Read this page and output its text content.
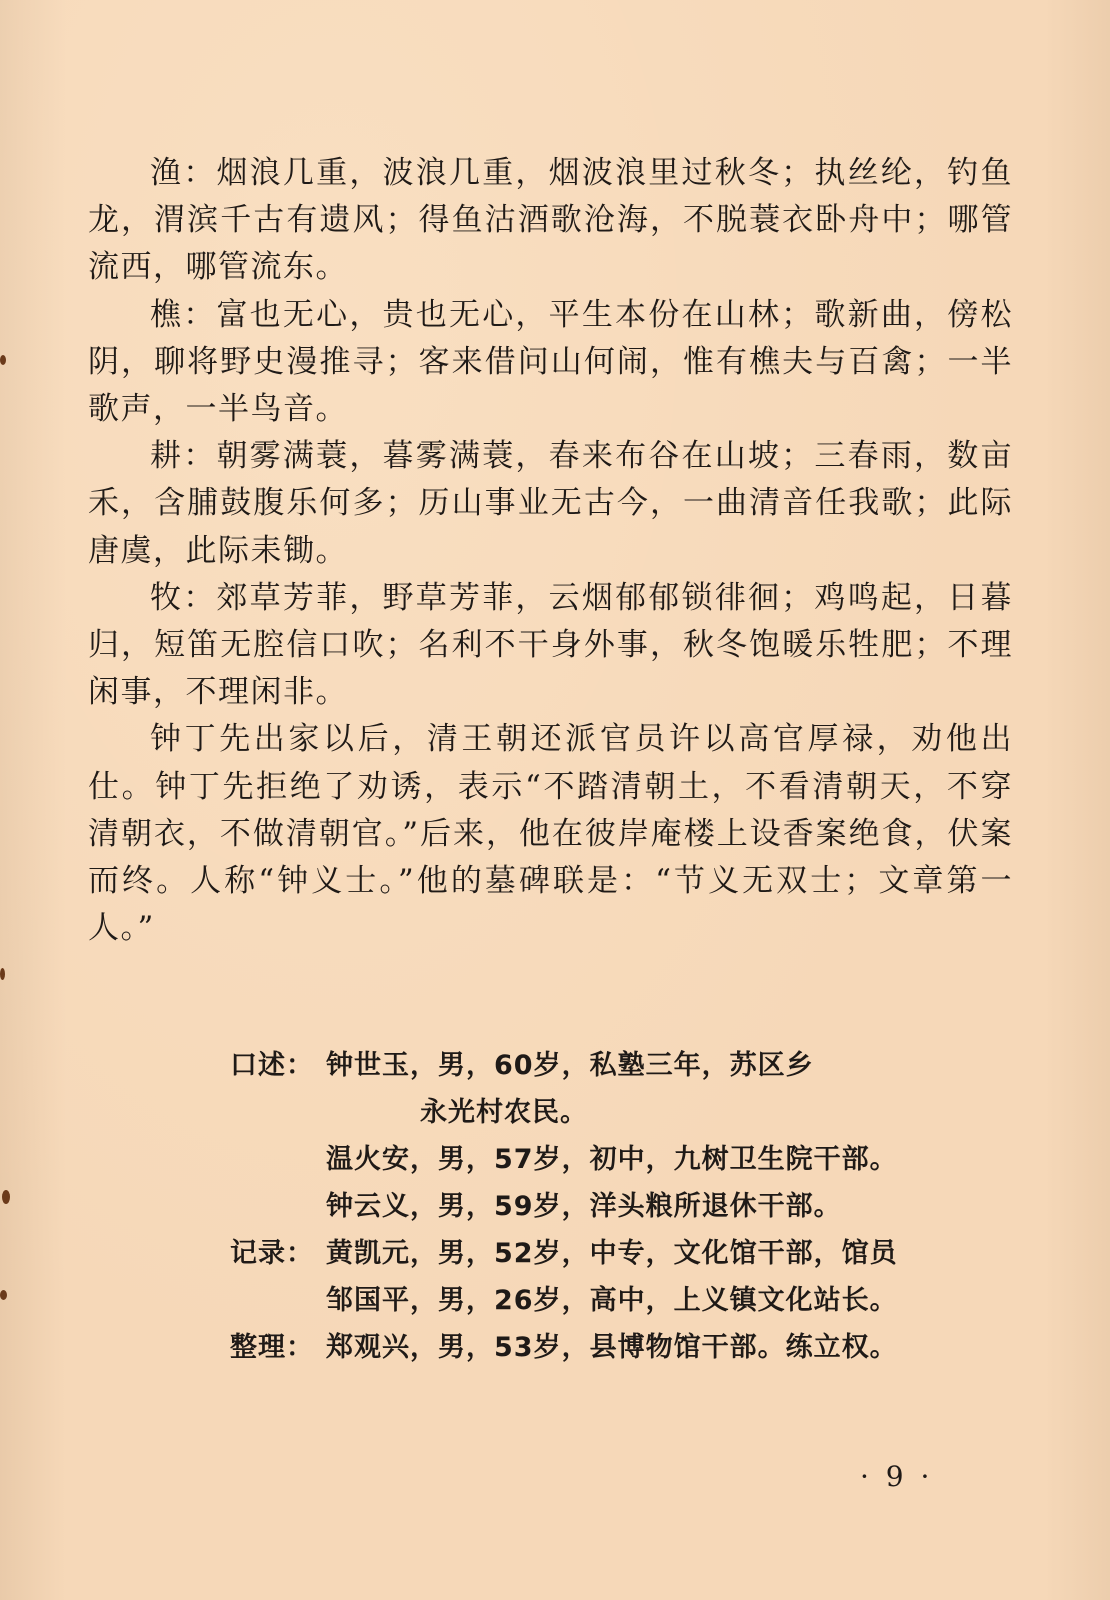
渔：烟浪几重，波浪几重，烟波浪里过秋冬；执丝纶，钓鱼龙，渭滨千古有遗风；得鱼沽酒歌沧海，不脱蓑衣卧舟中；哪管流西，哪管流东。

樵：富也无心，贵也无心，平生本份在山林；歌新曲，傍松阴，聊将野史漫推寻；客来借问山何闹，惟有樵夫与百禽；一半歌声，一半鸟音。

耕：朝雾满蓑，暮雾满蓑，春来布谷在山坡；三春雨，数亩禾，含脯鼓腹乐何多；历山事业无古今，一曲清音任我歌；此际唐虞，此际耒锄。

牧：郊草芳菲，野草芳菲，云烟郁郁锁徘徊；鸡鸣起，日暮归，短笛无腔信口吹；名利不干身外事，秋冬饱暖乐牲肥；不理闲事，不理闲非。

钟丁先出家以后，清王朝还派官员许以高官厚禄，劝他出仕。钟丁先拒绝了劝诱，表示“不踏清朝土，不看清朝天，不穿清朝衣，不做清朝官。”后来，他在彼岸庵楼上设香案绝食，伏案而终。人称“钟义士。”他的墓碑联是：“节义无双士；文章第一人。”

口述： 钟世玉，男，60岁，私塾三年，苏区乡
永光村农民。
温火安，男，57岁，初中，九树卫生院干部。
钟云义，男，59岁，洋头粮所退休干部。
记录： 黄凯元，男，52岁，中专，文化馆干部，馆员
邹国平，男，26岁，高中，上义镇文化站长。
整理： 郑观兴，男，53岁，县博物馆干部。练立权。
· 9 ·
